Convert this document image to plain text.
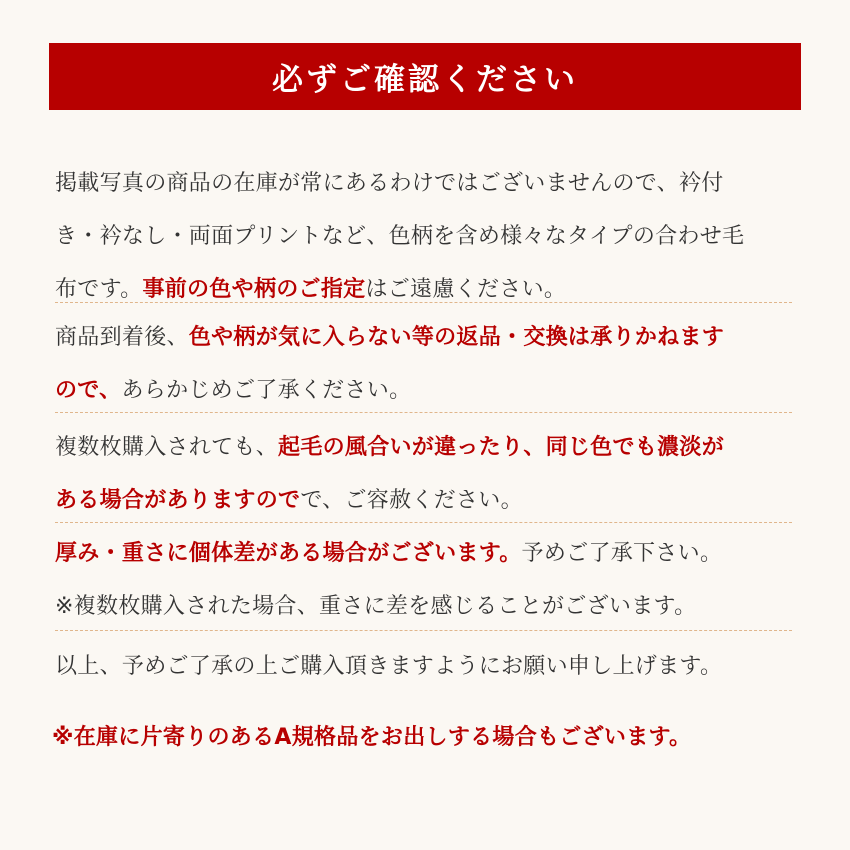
必ずご確認ください
掲載写真の商品の在庫が常にあるわけではございませんので、衿付
き・衿なし・両面プリントなど、色柄を含め様々なタイプの合わせ毛
布です。事前の色や柄のご指定はご遠慮ください。
商品到着後、色や柄が気に入らない等の返品・交換は承りかねます
ので、あらかじめご了承ください。
複数枚購入されても、起毛の風合いが違ったり、同じ色でも濃淡が
ある場合がありますのでで、ご容赦ください。
厚み・重さに個体差がある場合がございます。予めご了承下さい。
※複数枚購入された場合、重さに差を感じることがございます。
以上、予めご了承の上ご購入頂きますようにお願い申し上げます。
※在庫に片寄りのあるA規格品をお出しする場合もございます。
